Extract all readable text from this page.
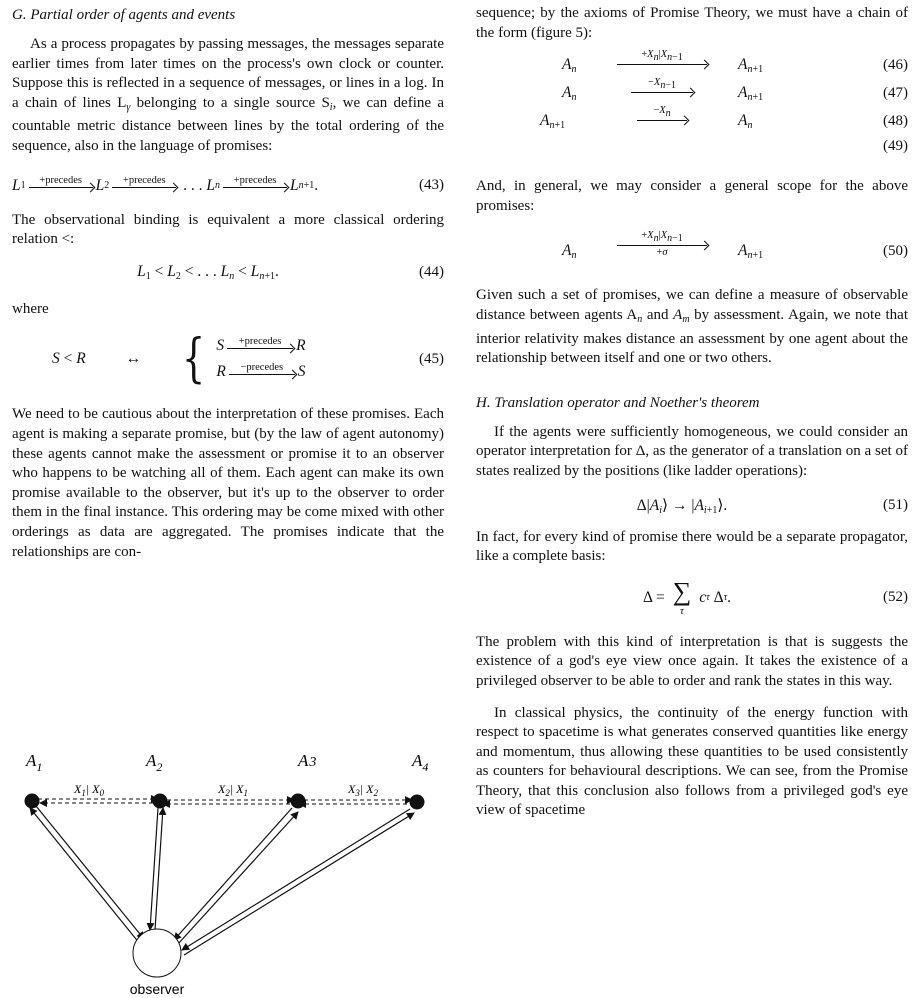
G. Partial order of agents and events

As a process propagates by passing messages, the messages separate earlier times from later times on the process's own clock or counter. Suppose this is reflected in a sequence of messages, or lines in a log. In a chain of lines $L_\gamma$ belonging to a single source $S_i$, we can define a countable metric distance between lines by the total ordering of the sequence, also in the language of promises:

L 1 +precedes L 2 +precedes . . . L n +precedes L n +1 .	(43)

The observational binding is equivalent a more classical ordering relation <:

$L_1 < L_2$ < . . . $L_n < L_{n+1}$.	(44)

where

S < R	↔ { S +precedes R
R −precedes S
(45)

We need to be cautious about the interpretation of these promises. Each agent is making a separate promise, but (by the law of agent autonomy) these agents cannot make the assessment or promise it to an observer who happens to be watching all of them. Each agent can make its own promise available to the observer, but it's up to the observer to order them in the final instance. This ordering may be come mixed with other orderings as data are aggregated. The promises indicate that the relationships are con-

$A_1$	$A_2$	A3	$A_4$
$X_1|$ $X_0$	$X_2|$ $X_1$	$X_3|$ $X_2$
observer

sequence; by the axioms of Promise Theory, we must have a chain of the form (figure 5):

$A_n$
$+X_n|X_{n-1}$	$A_{n+1}$	(46)
$A_n$
$-X_{n-1}$	$A_{n+1}$	(47)
$A_{n+1}$
$-X_n$	$A_n$	(48)
(49)

And, in general, we may consider a general scope for the above promises:

$A_n$
$+X_n|X_{n-1}$
+σ	$A_{n+1}$	(50)

Given such a set of promises, we can define a measure of observable distance between agents $A_n$ and $A_m$ by assessment. Again, we note that interior relativity makes distance an assessment by one agent about the relationship between itself and one or two others.

H. Translation operator and Noether's theorem

If the agents were sufficiently homogeneous, we could consider an operator interpretation for Δ, as the generator of a translation on a set of states realized by the positions (like ladder operations):

$\Delta|A_i⟩$ → $|A_{i+1}⟩$.	(51)

In fact, for every kind of promise there would be a separate propagator, like a complete basis:

Δ = ∑
τ
c τ Δ τ .	(52)

The problem with this kind of interpretation is that is suggests the existence of a god's eye view once again. It takes the existence of a privileged observer to be able to order and rank the states in this way.

In classical physics, the continuity of the energy function with respect to spacetime is what generates conserved quantities like energy and momentum, thus allowing these quantities to be used consistently as counters for behavioural descriptions. We can see, from the Promise Theory, that this conclusion also follows from a privileged god's eye view of spacetime
